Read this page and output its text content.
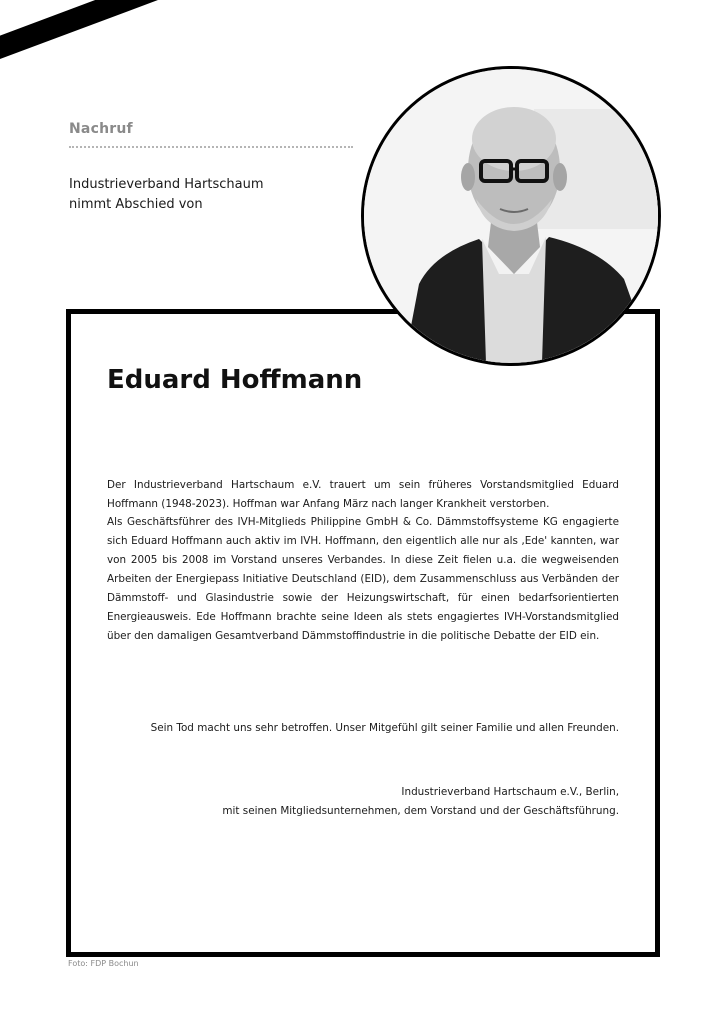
Nachruf
Industrieverband Hartschaum
nimmt Abschied von
Eduard Hoffmann
Der Industrieverband Hartschaum e.V. trauert um sein früheres Vorstandsmitglied Eduard Hoffmann (1948-2023). Hoffman war Anfang März nach langer Krankheit verstorben.
Als Geschäftsführer des IVH-Mitglieds Philippine GmbH & Co. Dämmstoffsysteme KG engagierte sich Eduard Hoffmann auch aktiv im IVH. Hoffmann, den eigentlich alle nur als ‚Ede' kannten, war von 2005 bis 2008 im Vorstand unseres Verbandes. In diese Zeit fielen u.a. die wegweisenden Arbeiten der Energiepass Initiative Deutschland (EID), dem Zusammenschluss aus Verbänden der Dämmstoff- und Glasindustrie sowie der Heizungswirtschaft, für einen bedarfsorientierten Energieausweis. Ede Hoffmann brachte seine Ideen als stets engagiertes IVH-Vorstandsmitglied über den damaligen Gesamtverband Dämmstoffindustrie in die politische Debatte der EID ein.
Sein Tod macht uns sehr betroffen. Unser Mitgefühl gilt seiner Familie und allen Freunden.
Industrieverband Hartschaum e.V., Berlin,
mit seinen Mitgliedsunternehmen, dem Vorstand und der Geschäftsführung.
Foto: FDP Bochun
